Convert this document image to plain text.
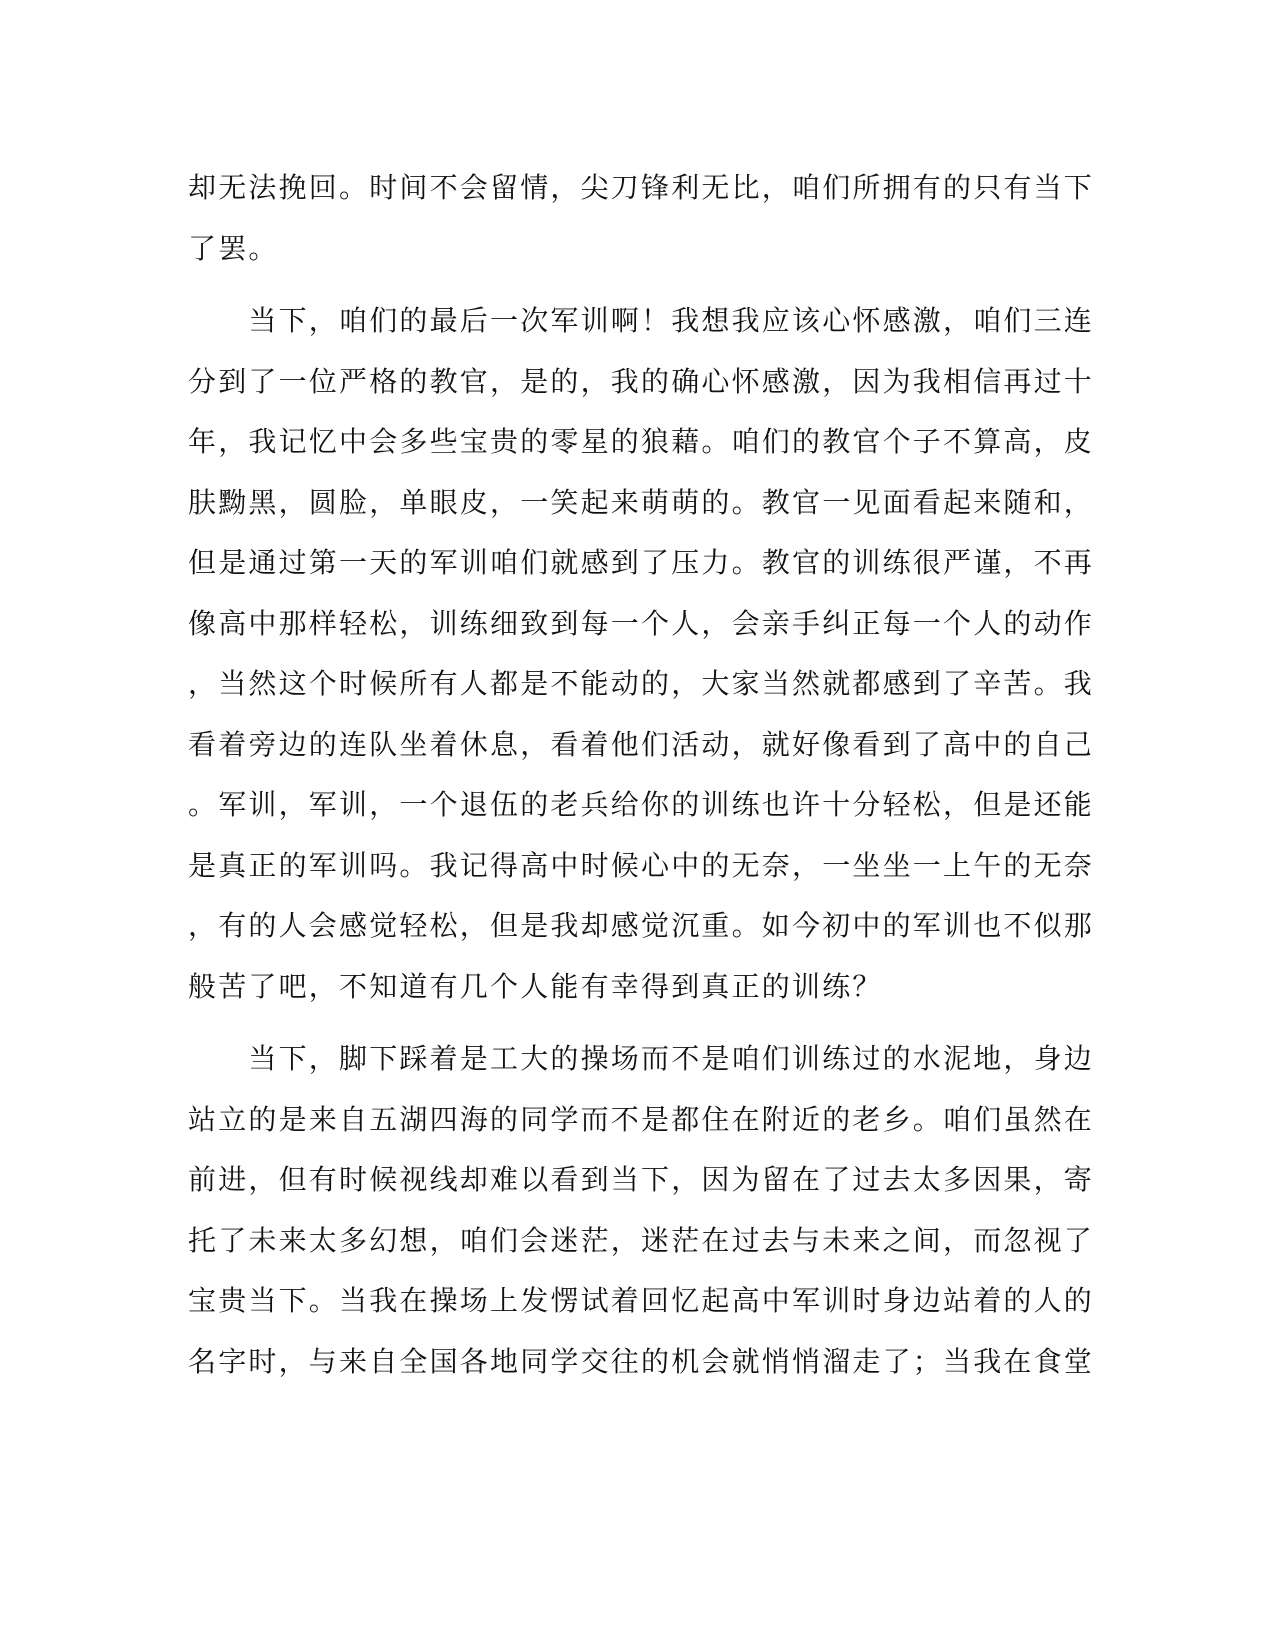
却无法挽回。时间不会留情，尖刀锋利无比，咱们所拥有的只有当下
了罢。
　　当下，咱们的最后一次军训啊！我想我应该心怀感激，咱们三连
分到了一位严格的教官，是的，我的确心怀感激，因为我相信再过十
年，我记忆中会多些宝贵的零星的狼藉。咱们的教官个子不算高，皮
肤黝黑，圆脸，单眼皮，一笑起来萌萌的。教官一见面看起来随和，
但是通过第一天的军训咱们就感到了压力。教官的训练很严谨，不再
像高中那样轻松，训练细致到每一个人，会亲手纠正每一个人的动作
，当然这个时候所有人都是不能动的，大家当然就都感到了辛苦。我
看着旁边的连队坐着休息，看着他们活动，就好像看到了高中的自己
。军训，军训，一个退伍的老兵给你的训练也许十分轻松，但是还能
是真正的军训吗。我记得高中时候心中的无奈，一坐坐一上午的无奈
，有的人会感觉轻松，但是我却感觉沉重。如今初中的军训也不似那
般苦了吧，不知道有几个人能有幸得到真正的训练？
　　当下，脚下踩着是工大的操场而不是咱们训练过的水泥地，身边
站立的是来自五湖四海的同学而不是都住在附近的老乡。咱们虽然在
前进，但有时候视线却难以看到当下，因为留在了过去太多因果，寄
托了未来太多幻想，咱们会迷茫，迷茫在过去与未来之间，而忽视了
宝贵当下。当我在操场上发愣试着回忆起高中军训时身边站着的人的
名字时，与来自全国各地同学交往的机会就悄悄溜走了；当我在食堂
